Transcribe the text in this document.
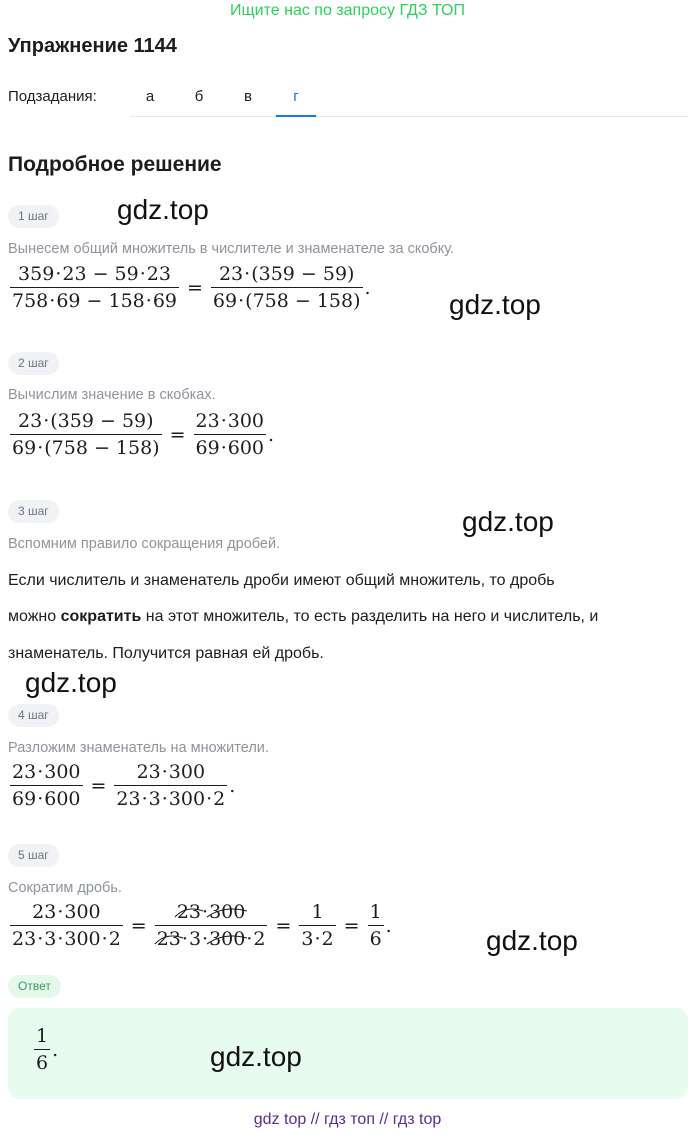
Ищите нас по запросу ГДЗ ТОП
Упражнение 1144
Подзадания:	а	б	в	г
Подробное решение
1 шаг	gdz.top
Вынесем общий множитель в числителе и знаменателе за скобку.
$\frac{359\cdot 23 - 59\cdot 23}{758\cdot 69 - 158\cdot 69} = \frac{23\cdot(359 - 59)}{69\cdot(758 - 158)}$ .
gdz.top
2 шаг
Вычислим значение в скобках.
$\frac{23\cdot(359 - 59)}{69\cdot(758 - 158)} = \frac{23\cdot 300}{69\cdot 600}$ .
3 шаг	gdz.top
Вспомним правило сокращения дробей.
Если числитель и знаменатель дроби имеют общий множитель, то дробь
можно сократить на этот множитель, то есть разделить на него и числитель, и
знаменатель. Получится равная ей дробь.
gdz.top
4 шаг
Разложим знаменатель на множители.
$\frac{23\cdot 300}{69\cdot 600} = \frac{23\cdot 300}{23\cdot 3\cdot 300\cdot 2}$ .
5 шаг
Сократим дробь.
$\frac{23\cdot 300}{23\cdot 3\cdot 300\cdot 2} = 23$
·300
23
·3·300
$\cdot 2 = \frac{1}{3\cdot 2} = \frac{1}{6}$ .	gdz.top
Ответ
$\frac{1}{6}$ .	gdz.top
gdz top // гдз топ // гдз top
